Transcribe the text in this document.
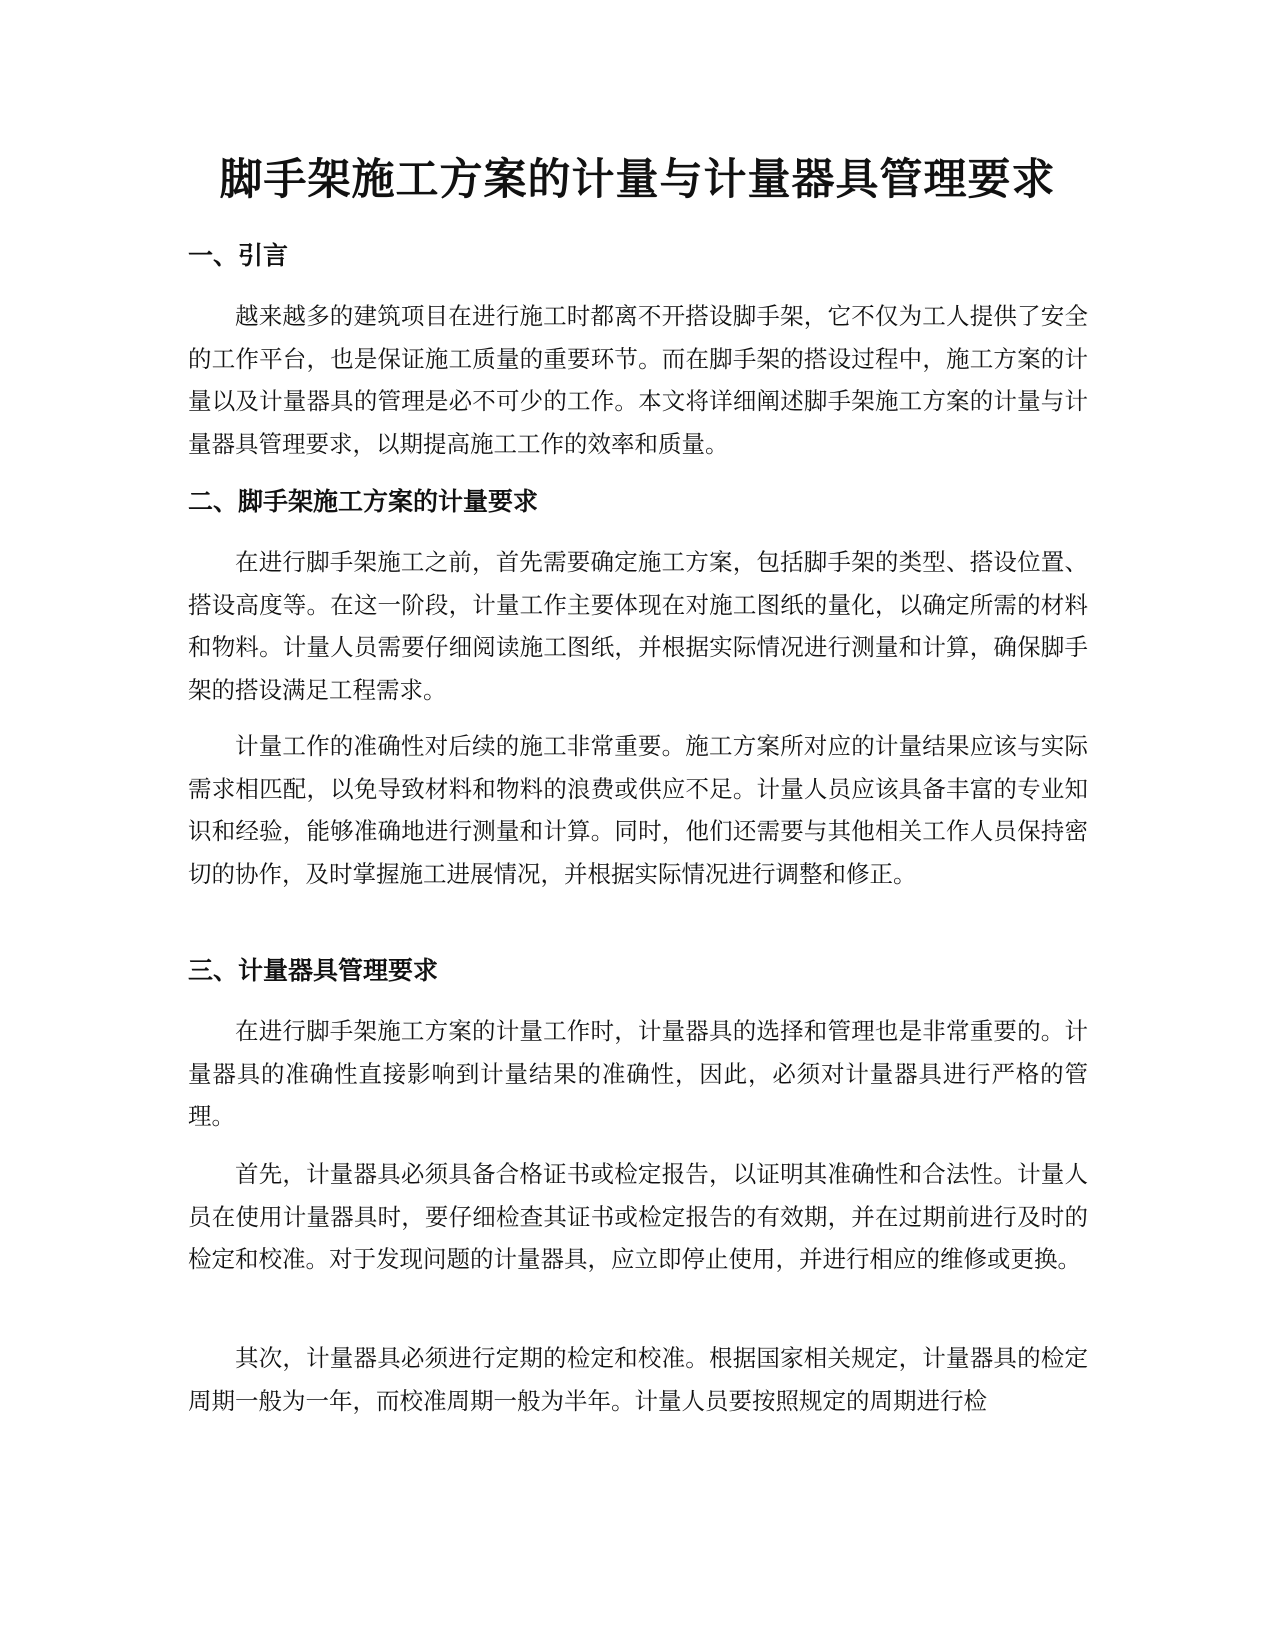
脚手架施工方案的计量与计量器具管理要求
一、引言

越来越多的建筑项目在进行施工时都离不开搭设脚手架，它不仅为工人提供了安全的工作平台，也是保证施工质量的重要环节。而在脚手架的搭设过程中，施工方案的计量以及计量器具的管理是必不可少的工作。本文将详细阐述脚手架施工方案的计量与计量器具管理要求，以期提高施工工作的效率和质量。

二、脚手架施工方案的计量要求

在进行脚手架施工之前，首先需要确定施工方案，包括脚手架的类型、搭设位置、搭设高度等。在这一阶段，计量工作主要体现在对施工图纸的量化，以确定所需的材料和物料。计量人员需要仔细阅读施工图纸，并根据实际情况进行测量和计算，确保脚手架的搭设满足工程需求。

计量工作的准确性对后续的施工非常重要。施工方案所对应的计量结果应该与实际需求相匹配，以免导致材料和物料的浪费或供应不足。计量人员应该具备丰富的专业知识和经验，能够准确地进行测量和计算。同时，他们还需要与其他相关工作人员保持密切的协作，及时掌握施工进展情况，并根据实际情况进行调整和修正。

三、计量器具管理要求

在进行脚手架施工方案的计量工作时，计量器具的选择和管理也是非常重要的。计量器具的准确性直接影响到计量结果的准确性，因此，必须对计量器具进行严格的管理。

首先，计量器具必须具备合格证书或检定报告，以证明其准确性和合法性。计量人员在使用计量器具时，要仔细检查其证书或检定报告的有效期，并在过期前进行及时的检定和校准。对于发现问题的计量器具，应立即停止使用，并进行相应的维修或更换。

其次，计量器具必须进行定期的检定和校准。根据国家相关规定，计量器具的检定周期一般为一年，而校准周期一般为半年。计量人员要按照规定的周期进行检
